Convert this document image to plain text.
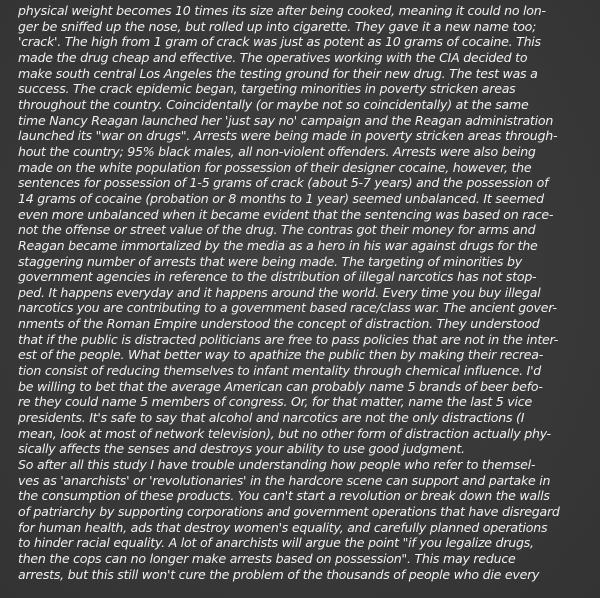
physical weight becomes 10 times its size after being cooked, meaning it could no lon-
ger be sniffed up the nose, but rolled up into cigarette. They gave it a new name too;
'crack'. The high from 1 gram of crack was just as potent as 10 grams of cocaine. This
made the drug cheap and effective. The operatives working with the CIA decided to
make south central Los Angeles the testing ground for their new drug. The test was a
success. The crack epidemic began, targeting minorities in poverty stricken areas
throughout the country. Coincidentally (or maybe not so coincidentally) at the same
time Nancy Reagan launched her 'just say no' campaign and the Reagan administration
launched its "war on drugs". Arrests were being made in poverty stricken areas through-
hout the country; 95% black males, all non-violent offenders. Arrests were also being
made on the white population for possession of their designer cocaine, however, the
sentences for possession of 1-5 grams of crack (about 5-7 years) and the possession of
14 grams of cocaine (probation or 8 months to 1 year) seemed unbalanced. It seemed
even more unbalanced when it became evident that the sentencing was based on race-
not the offense or street value of the drug. The contras got their money for arms and
Reagan became immortalized by the media as a hero in his war against drugs for the
staggering number of arrests that were being made. The targeting of minorities by
government agencies in reference to the distribution of illegal narcotics has not stop-
ped. It happens everyday and it happens around the world. Every time you buy illegal
narcotics you are contributing to a government based race/class war. The ancient gover-
nments of the Roman Empire understood the concept of distraction. They understood
that if the public is distracted politicians are free to pass policies that are not in the inter-
est of the people. What better way to apathize the public then by making their recrea-
tion consist of reducing themselves to infant mentality through chemical influence. I'd
be willing to bet that the average American can probably name 5 brands of beer befo-
re they could name 5 members of congress. Or, for that matter, name the last 5 vice
presidents. It's safe to say that alcohol and narcotics are not the only distractions (I
mean, look at most of network television), but no other form of distraction actually phy-
sically affects the senses and destroys your ability to use good judgment.
So after all this study I have trouble understanding how people who refer to themsel-
ves as 'anarchists' or 'revolutionaries' in the hardcore scene can support and partake in
the consumption of these products. You can't start a revolution or break down the walls
of patriarchy by supporting corporations and government operations that have disregard
for human health, ads that destroy women's equality, and carefully planned operations
to hinder racial equality. A lot of anarchists will argue the point "if you legalize drugs,
then the cops can no longer make arrests based on possession". This may reduce
arrests, but this still won't cure the problem of the thousands of people who die every
